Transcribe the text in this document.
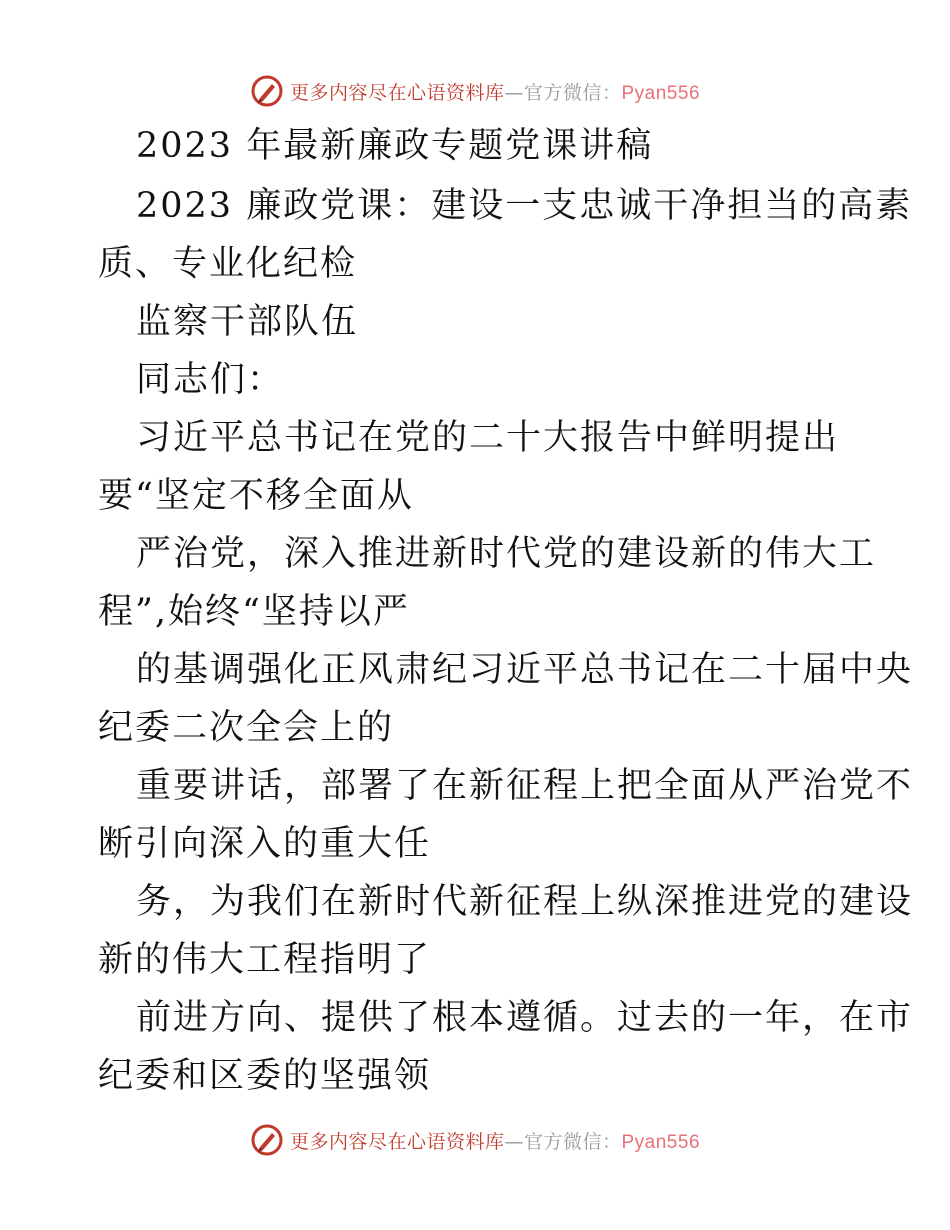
更多内容尽在心语资料库—官方微信：Pyan556
2023 年最新廉政专题党课讲稿
2023 廉政党课：建设一支忠诚干净担当的高素
质、专业化纪检
监察干部队伍
同志们：
习近平总书记在党的二十大报告中鲜明提出
要“坚定不移全面从
严治党，深入推进新时代党的建设新的伟大工
程”,始终“坚持以严
的基调强化正风肃纪习近平总书记在二十届中央
纪委二次全会上的
重要讲话，部署了在新征程上把全面从严治党不
断引向深入的重大任
务，为我们在新时代新征程上纵深推进党的建设
新的伟大工程指明了
前进方向、提供了根本遵循。过去的一年，在市
纪委和区委的坚强领
更多内容尽在心语资料库—官方微信：Pyan556
